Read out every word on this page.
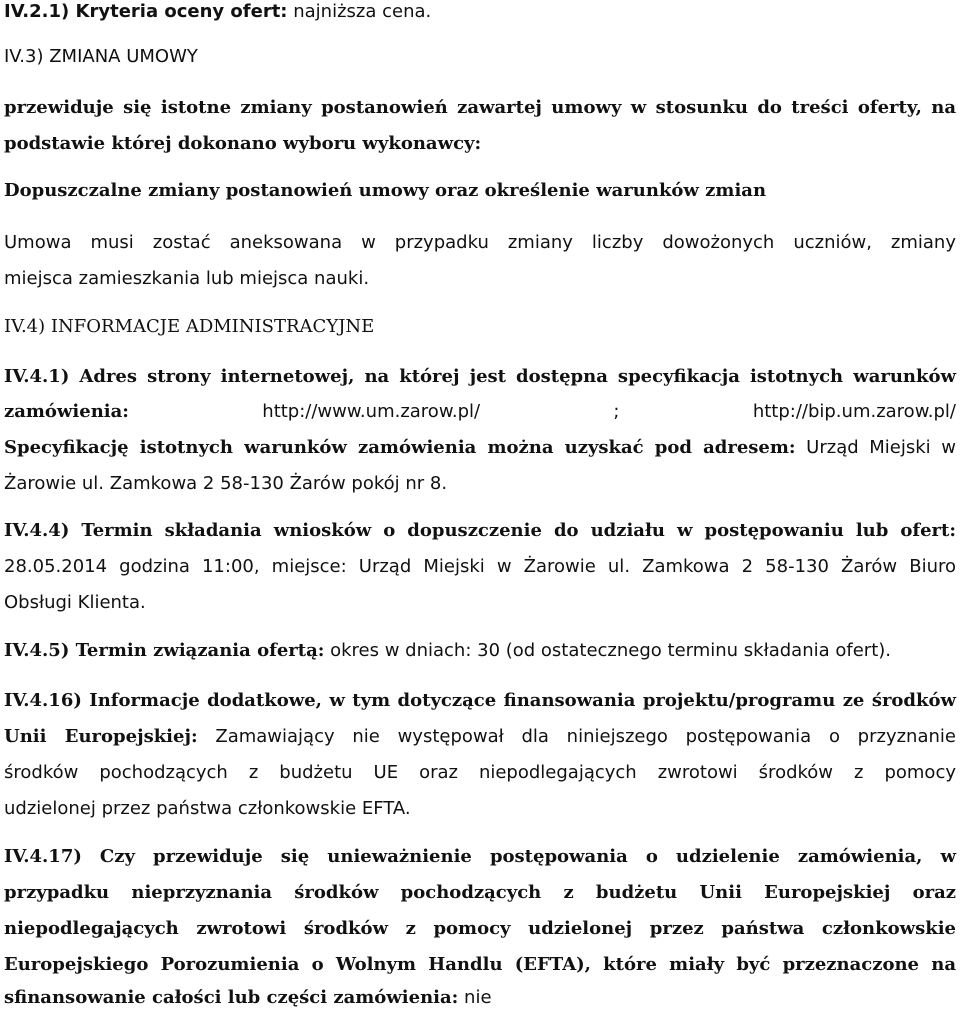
IV.2.1) Kryteria oceny ofert: najniższa cena.
IV.3) ZMIANA UMOWY
przewiduje się istotne zmiany postanowień zawartej umowy w stosunku do treści oferty, na
podstawie której dokonano wyboru wykonawcy:
Dopuszczalne zmiany postanowień umowy oraz określenie warunków zmian
Umowa musi zostać aneksowana w przypadku zmiany liczby dowożonych uczniów, zmiany
miejsca zamieszkania lub miejsca nauki.
IV.4) INFORMACJE ADMINISTRACYJNE
IV.4.1) Adres strony internetowej, na której jest dostępna specyfikacja istotnych warunków
zamówienia:	http://www.um.zarow.pl/	;	http://bip.um.zarow.pl/
Specyfikację istotnych warunków zamówienia można uzyskać pod adresem: Urząd Miejski w
Żarowie ul. Zamkowa 2 58-130 Żarów pokój nr 8.
IV.4.4) Termin składania wniosków o dopuszczenie do udziału w postępowaniu lub ofert:
28.05.2014 godzina 11:00, miejsce: Urząd Miejski w Żarowie ul. Zamkowa 2 58-130 Żarów Biuro
Obsługi Klienta.
IV.4.5) Termin związania ofertą: okres w dniach: 30 (od ostatecznego terminu składania ofert).
IV.4.16) Informacje dodatkowe, w tym dotyczące finansowania projektu/programu ze środków
Unii Europejskiej: Zamawiający nie występował dla niniejszego postępowania o przyznanie
środków pochodzących z budżetu UE oraz niepodlegających zwrotowi środków z pomocy
udzielonej przez państwa członkowskie EFTA.
IV.4.17) Czy przewiduje się unieważnienie postępowania o udzielenie zamówienia, w
przypadku nieprzyznania środków pochodzących z budżetu Unii Europejskiej oraz
niepodlegających zwrotowi środków z pomocy udzielonej przez państwa członkowskie
Europejskiego Porozumienia o Wolnym Handlu (EFTA), które miały być przeznaczone na
sfinansowanie całości lub części zamówienia: nie
